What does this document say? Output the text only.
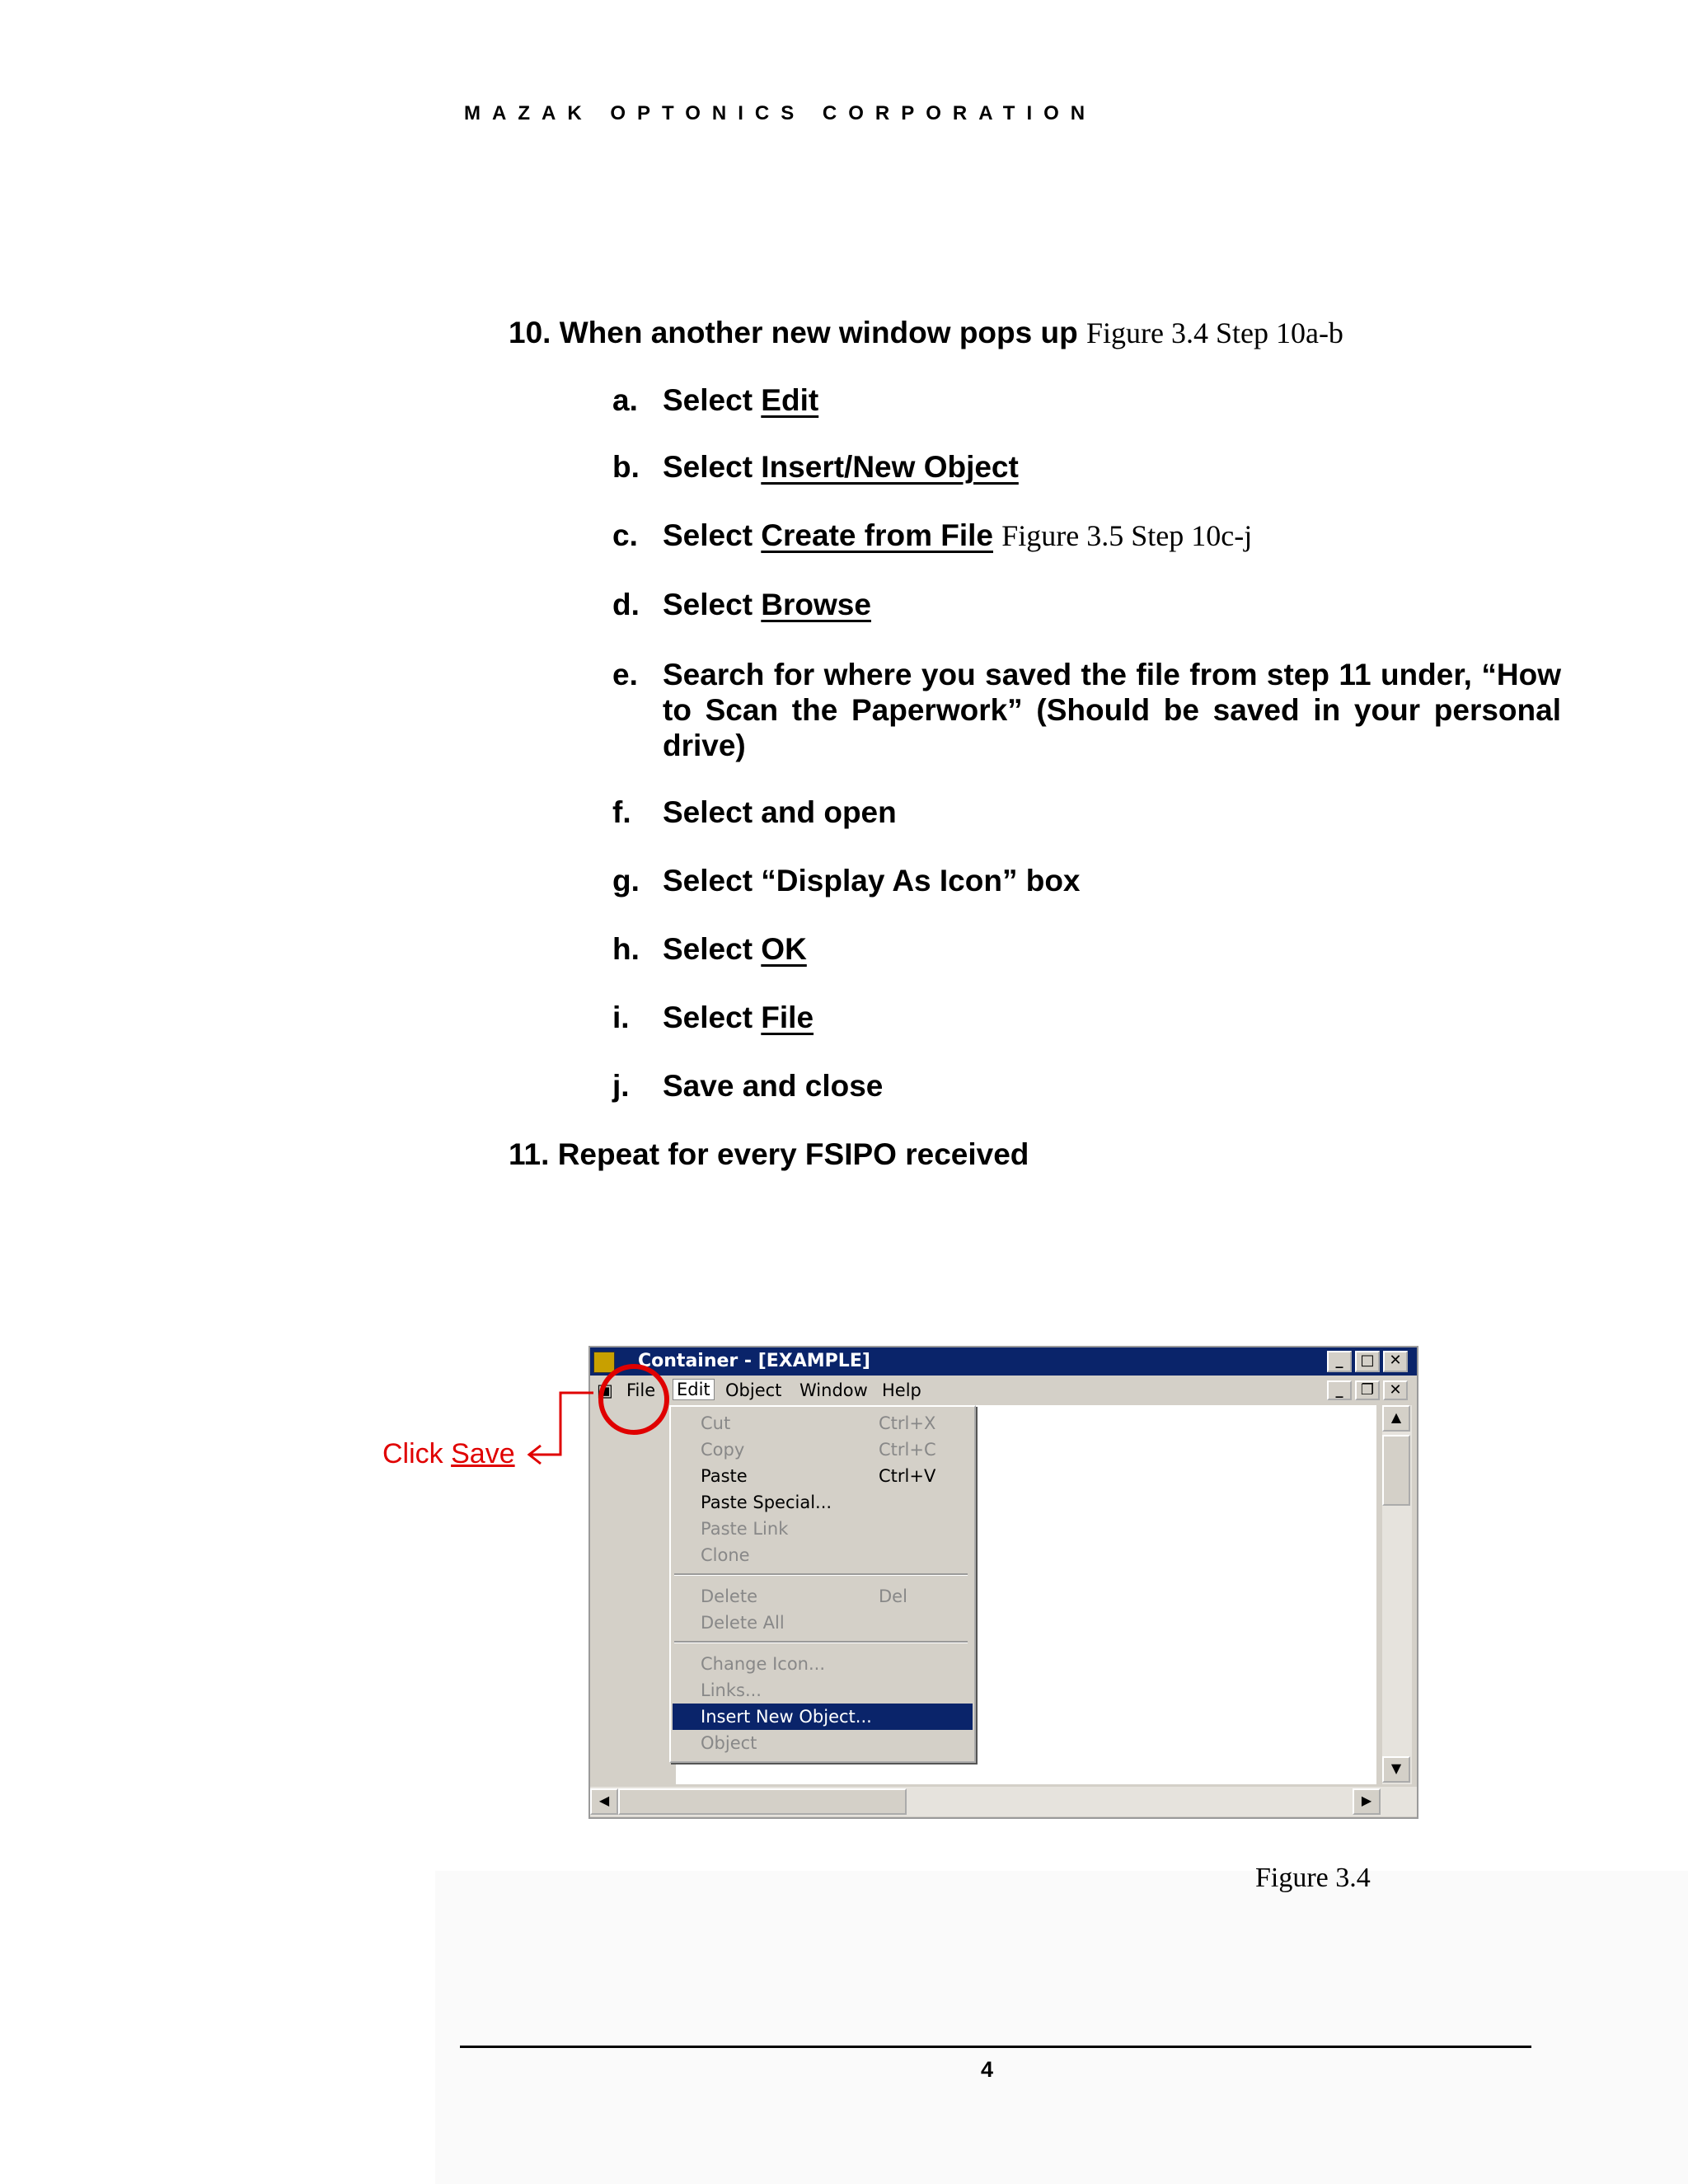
MAZAK OPTONICS CORPORATION
10. When another new window pops up Figure 3.4 Step 10a-b
a. Select Edit
b. Select Insert/New Object
c. Select Create from File Figure 3.5 Step 10c-j
d. Select Browse
e. Search for where you saved the file from step 11 under, “How to Scan the Paperwork” (Should be saved in your personal drive)
f. Select and open
g. Select “Display As Icon” box
h. Select OK
i. Select File
j. Save and close
11. Repeat for every FSIPO received
Container - [EXAMPLE]	_	□ ✕
▣ File Edit Object Window Help	_	❐	✕
▲
▼
◀	▶
Cut	Ctrl+X
Copy	Ctrl+C
Paste	Ctrl+V
Paste Special...
Paste Link
Clone
Delete	Del
Delete All
Change Icon...
Links...
Insert New Object...
Object
Click Save
Figure 3.4
4
